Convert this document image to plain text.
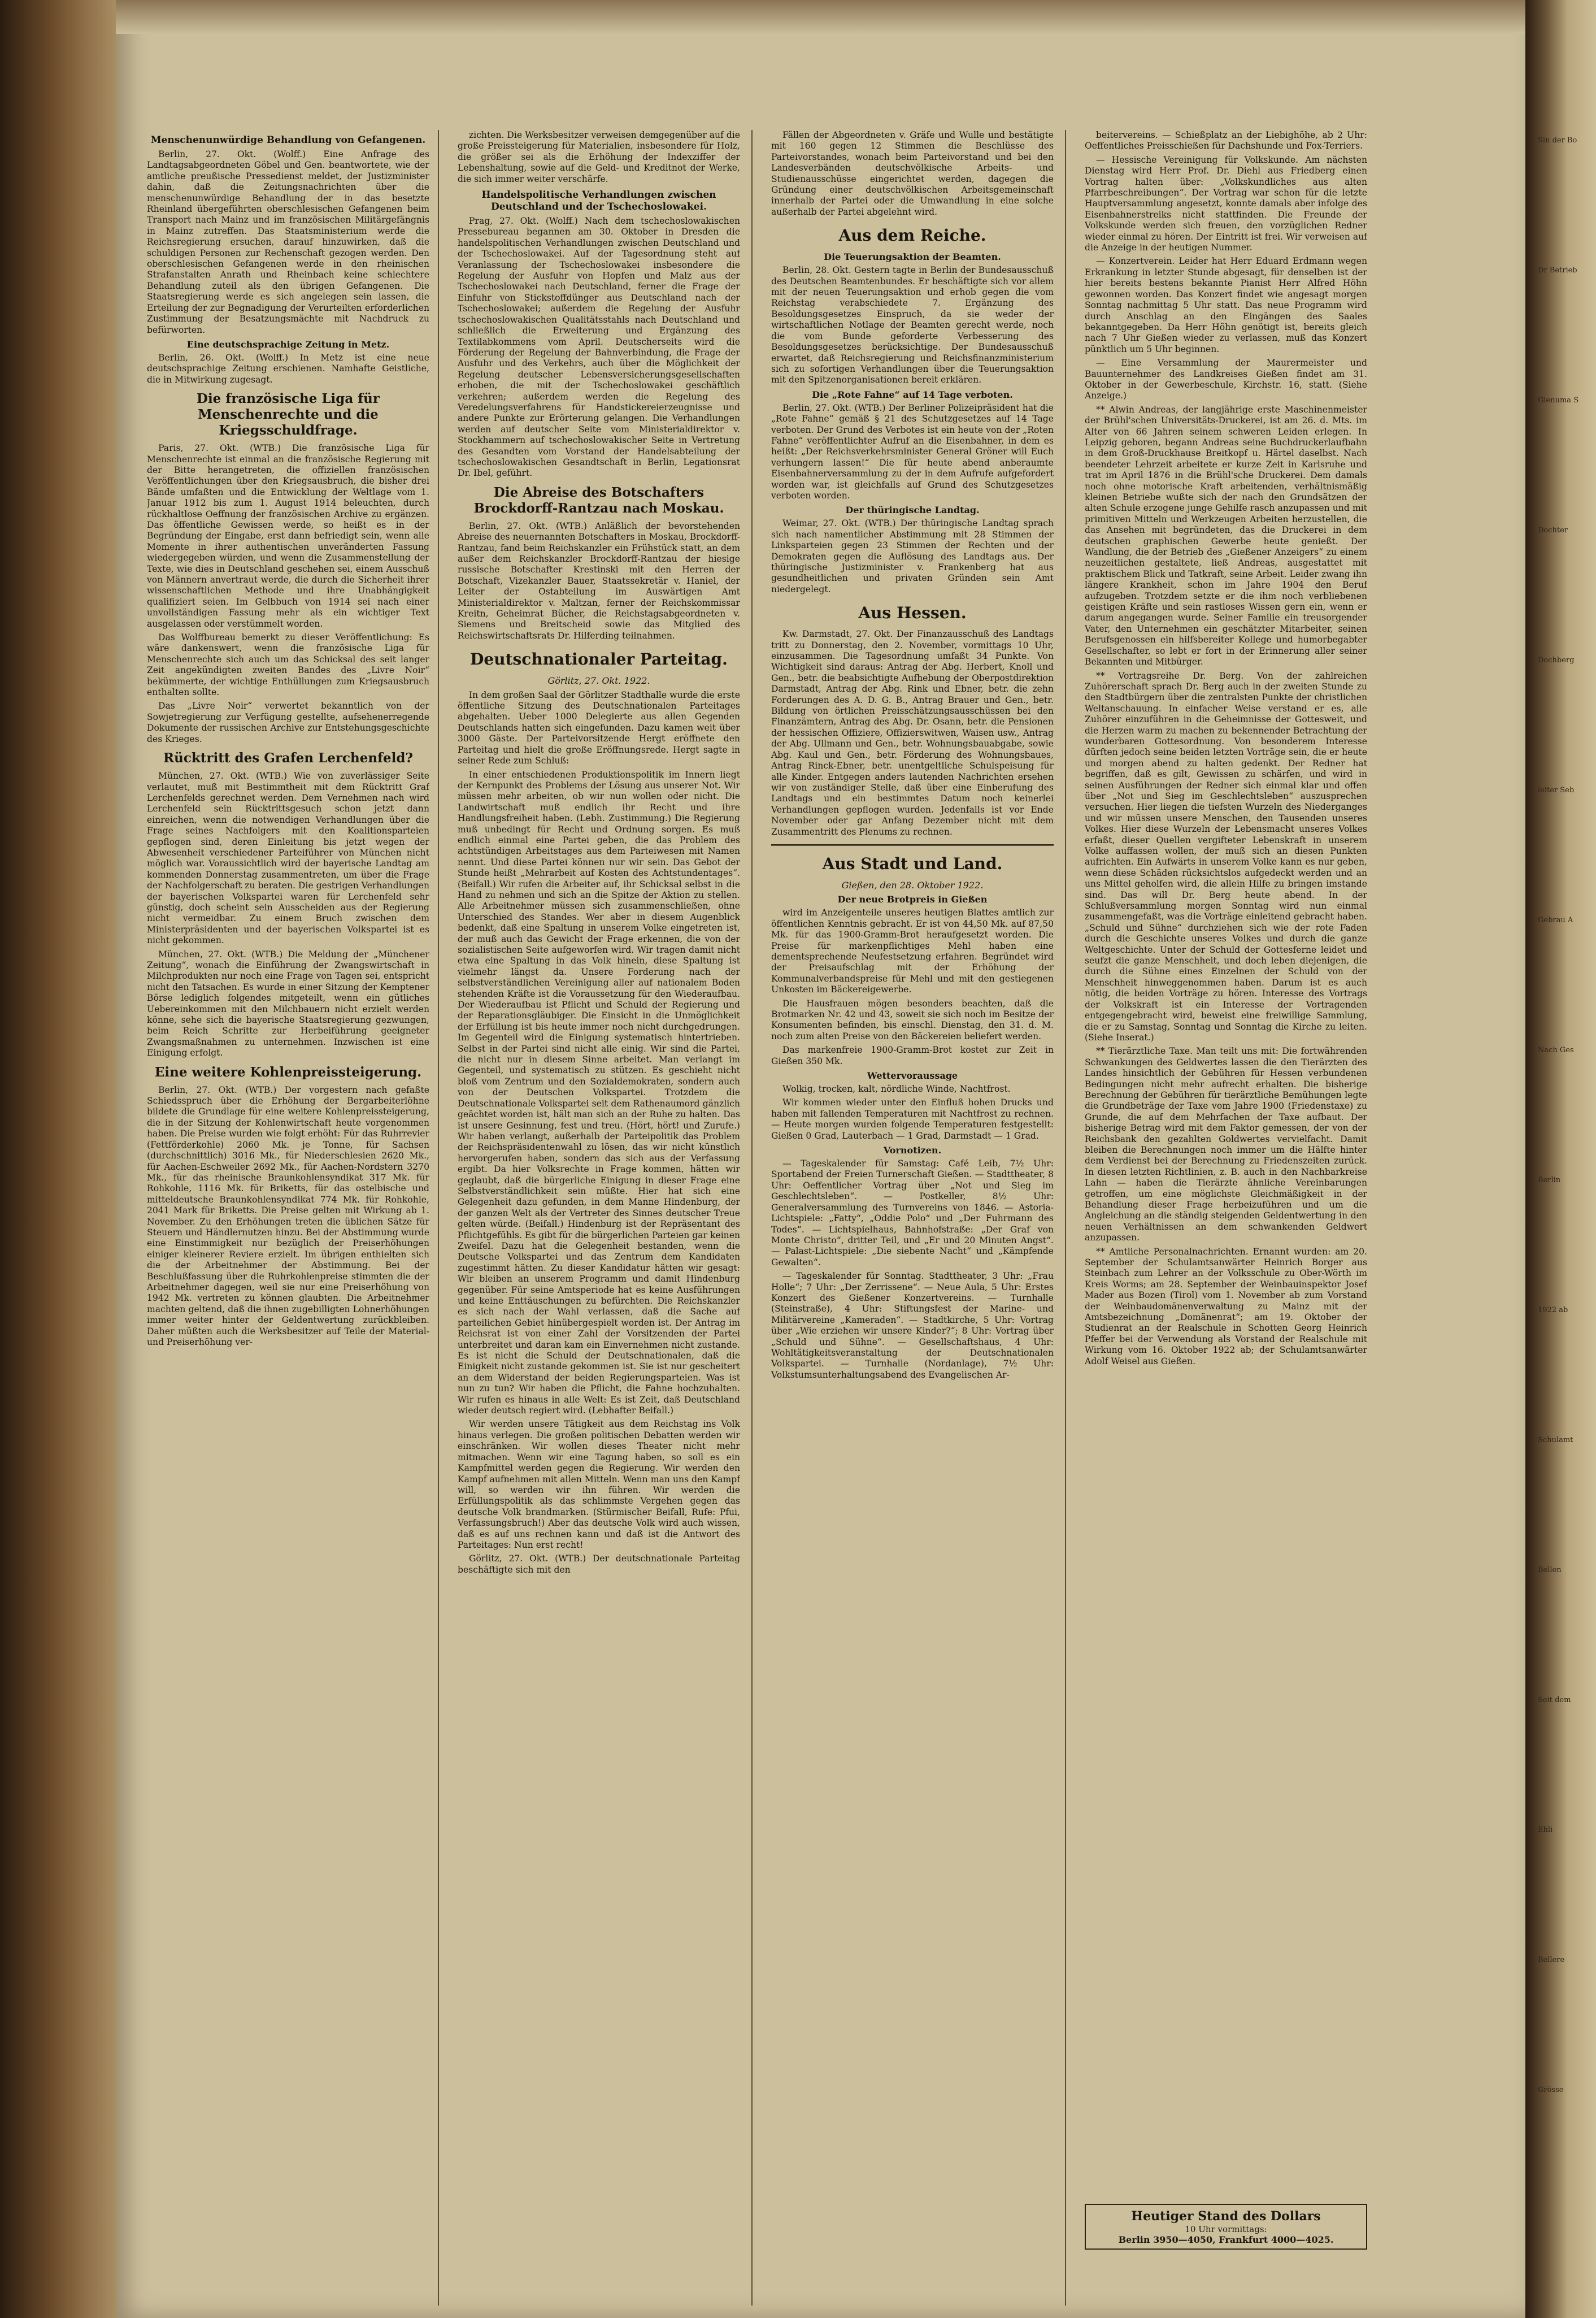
Menschenunwürdige Behandlung von Gefangenen.

Berlin, 27. Okt. (Wolff.) Eine Anfrage des Landtagsabgeordneten Göbel und Gen. beantwortete, wie der amtliche preußische Pressedienst meldet, der Justizminister dahin, daß die Zeitungsnachrichten über die menschenunwürdige Behandlung der in das besetzte Rheinland übergeführten oberschlesischen Gefangenen beim Transport nach Mainz und im französischen Militärgefängnis in Mainz zutreffen. Das Staatsministerium werde die Reichsregierung ersuchen, darauf hinzuwirken, daß die schuldigen Personen zur Rechenschaft gezogen werden. Den oberschlesischen Gefangenen werde in den rheinischen Strafanstalten Anrath und Rheinbach keine schlechtere Behandlung zuteil als den übrigen Gefangenen. Die Staatsregierung werde es sich angelegen sein lassen, die Erteilung der zur Begnadigung der Verurteilten erforderlichen Zustimmung der Besatzungsmächte mit Nachdruck zu befürworten.

Eine deutschsprachige Zeitung in Metz.

Berlin, 26. Okt. (Wolff.) In Metz ist eine neue deutschsprachige Zeitung erschienen. Namhafte Geistliche, die in Mitwirkung zugesagt.

Die französische Liga für Menschenrechte und die Kriegsschuldfrage.

Paris, 27. Okt. (WTB.) Die französische Liga für Menschenrechte ist einmal an die französische Regierung mit der Bitte herangetreten, die offiziellen französischen Veröffentlichungen über den Kriegsausbruch, die bisher drei Bände umfaßten und die Entwicklung der Weltlage vom 1. Januar 1912 bis zum 1. August 1914 beleuchten, durch rückhaltlose Oeffnung der französischen Archive zu ergänzen. Das öffentliche Gewissen werde, so heißt es in der Begründung der Eingabe, erst dann befriedigt sein, wenn alle Momente in ihrer authentischen unveränderten Fassung wiedergegeben würden, und wenn die Zusammenstellung der Texte, wie dies in Deutschland geschehen sei, einem Ausschuß von Männern anvertraut werde, die durch die Sicherheit ihrer wissenschaftlichen Methode und ihre Unabhängigkeit qualifiziert seien. Im Gelbbuch von 1914 sei nach einer unvollständigen Fassung mehr als ein wichtiger Text ausgelassen oder verstümmelt worden.

Das Wolffbureau bemerkt zu dieser Veröffentlichung: Es wäre dankenswert, wenn die französische Liga für Menschenrechte sich auch um das Schicksal des seit langer Zeit angekündigten zweiten Bandes des „Livre Noir“ bekümmerte, der wichtige Enthüllungen zum Kriegsausbruch enthalten sollte.

Das „Livre Noir“ verwertet bekanntlich von der Sowjetregierung zur Verfügung gestellte, aufsehenerregende Dokumente der russischen Archive zur Entstehungsgeschichte des Krieges.

Rücktritt des Grafen Lerchenfeld?

München, 27. Okt. (WTB.) Wie von zuverlässiger Seite verlautet, muß mit Bestimmtheit mit dem Rücktritt Graf Lerchenfelds gerechnet werden. Dem Vernehmen nach wird Lerchenfeld sein Rücktrittsgesuch schon jetzt dann einreichen, wenn die notwendigen Verhandlungen über die Frage seines Nachfolgers mit den Koalitionsparteien gepflogen sind, deren Einleitung bis jetzt wegen der Abwesenheit verschiedener Parteiführer von München nicht möglich war. Voraussichtlich wird der bayerische Landtag am kommenden Donnerstag zusammentreten, um über die Frage der Nachfolgerschaft zu beraten. Die gestrigen Verhandlungen der bayerischen Volkspartei waren für Lerchenfeld sehr günstig, doch scheint sein Ausscheiden aus der Regierung nicht vermeidbar. Zu einem Bruch zwischen dem Ministerpräsidenten und der bayerischen Volkspartei ist es nicht gekommen.

München, 27. Okt. (WTB.) Die Meldung der „Münchener Zeitung“, wonach die Einführung der Zwangswirtschaft in Milchprodukten nur noch eine Frage von Tagen sei, entspricht nicht den Tatsachen. Es wurde in einer Sitzung der Kemptener Börse lediglich folgendes mitgeteilt, wenn ein gütliches Uebereinkommen mit den Milchbauern nicht erzielt werden könne, sehe sich die bayerische Staatsregierung gezwungen, beim Reich Schritte zur Herbeiführung geeigneter Zwangsmaßnahmen zu unternehmen. Inzwischen ist eine Einigung erfolgt.

Eine weitere Kohlenpreissteigerung.

Berlin, 27. Okt. (WTB.) Der vorgestern nach gefaßte Schiedsspruch über die Erhöhung der Bergarbeiterlöhne bildete die Grundlage für eine weitere Kohlenpreissteigerung, die in der Sitzung der Kohlenwirtschaft heute vorgenommen haben. Die Preise wurden wie folgt erhöht: Für das Ruhrrevier (Fettförderkohle) 2060 Mk. je Tonne, für Sachsen (durchschnittlich) 3016 Mk., für Niederschlesien 2620 Mk., für Aachen-Eschweiler 2692 Mk., für Aachen-Nordstern 3270 Mk., für das rheinische Braunkohlensyndikat 317 Mk. für Rohkohle, 1116 Mk. für Briketts, für das ostelbische und mitteldeutsche Braunkohlensyndikat 774 Mk. für Rohkohle, 2041 Mark für Briketts. Die Preise gelten mit Wirkung ab 1. November. Zu den Erhöhungen treten die üblichen Sätze für Steuern und Händlernutzen hinzu. Bei der Abstimmung wurde eine Einstimmigkeit nur bezüglich der Preiserhöhungen einiger kleinerer Reviere erzielt. Im übrigen enthielten sich die der Arbeitnehmer der Abstimmung. Bei der Beschlußfassung über die Ruhrkohlenpreise stimmten die der Arbeitnehmer dagegen, weil sie nur eine Preiserhöhung von 1942 Mk. vertreten zu können glaubten. Die Arbeitnehmer machten geltend, daß die ihnen zugebilligten Lohnerhöhungen immer weiter hinter der Geldentwertung zurückbleiben. Daher müßten auch die Werksbesitzer auf Teile der Material- und Preiserhöhung ver-

zichten. Die Werksbesitzer verweisen demgegenüber auf die große Preissteigerung für Materialien, insbesondere für Holz, die größer sei als die Erhöhung der Indexziffer der Lebenshaltung, sowie auf die Geld- und Kreditnot der Werke, die sich immer weiter verschärfe.

Handelspolitische Verhandlungen zwischen Deutschland und der Tschechoslowakei.

Prag, 27. Okt. (Wolff.) Nach dem tschechoslowakischen Pressebureau begannen am 30. Oktober in Dresden die handelspolitischen Verhandlungen zwischen Deutschland und der Tschechoslowakei. Auf der Tagesordnung steht auf Veranlassung der Tschechoslowakei insbesondere die Regelung der Ausfuhr von Hopfen und Malz aus der Tschechoslowakei nach Deutschland, ferner die Frage der Einfuhr von Stickstoffdünger aus Deutschland nach der Tschechoslowakei; außerdem die Regelung der Ausfuhr tschechoslowakischen Qualitätsstahls nach Deutschland und schließlich die Erweiterung und Ergänzung des Textilabkommens vom April. Deutscherseits wird die Förderung der Regelung der Bahnverbindung, die Frage der Ausfuhr und des Verkehrs, auch über die Möglichkeit der Regelung deutscher Lebensversicherungsgesellschaften erhoben, die mit der Tschechoslowakei geschäftlich verkehren; außerdem werden die Regelung des Veredelungsverfahrens für Handstickereierzeugnisse und andere Punkte zur Erörterung gelangen. Die Verhandlungen werden auf deutscher Seite vom Ministerialdirektor v. Stockhammern auf tschechoslowakischer Seite in Vertretung des Gesandten vom Vorstand der Handelsabteilung der tschechoslowakischen Gesandtschaft in Berlin, Legationsrat Dr. Ibel, geführt.

Die Abreise des Botschafters Brockdorff-Rantzau nach Moskau.

Berlin, 27. Okt. (WTB.) Anläßlich der bevorstehenden Abreise des neuernannten Botschafters in Moskau, Brockdorff-Rantzau, fand beim Reichskanzler ein Frühstück statt, an dem außer dem Reichskanzler Brockdorff-Rantzau der hiesige russische Botschafter Krestinski mit den Herren der Botschaft, Vizekanzler Bauer, Staatssekretär v. Haniel, der Leiter der Ostabteilung im Auswärtigen Amt Ministerialdirektor v. Maltzan, ferner der Reichskommissar Kreitn, Geheimrat Bücher, die Reichstagsabgeordneten v. Siemens und Breitscheid sowie das Mitglied des Reichswirtschaftsrats Dr. Hilferding teilnahmen.

Deutschnationaler Parteitag.
Görlitz, 27. Okt. 1922.

In dem großen Saal der Görlitzer Stadthalle wurde die erste öffentliche Sitzung des Deutschnationalen Parteitages abgehalten. Ueber 1000 Delegierte aus allen Gegenden Deutschlands hatten sich eingefunden. Dazu kamen weit über 3000 Gäste. Der Parteivorsitzende Hergt eröffnete den Parteitag und hielt die große Eröffnungsrede. Hergt sagte in seiner Rede zum Schluß:

In einer entschiedenen Produktionspolitik im Innern liegt der Kernpunkt des Problems der Lösung aus unserer Not. Wir müssen mehr arbeiten, ob wir nun wollen oder nicht. Die Landwirtschaft muß endlich ihr Recht und ihre Handlungsfreiheit haben. (Lebh. Zustimmung.) Die Regierung muß unbedingt für Recht und Ordnung sorgen. Es muß endlich einmal eine Partei geben, die das Problem des achtstündigen Arbeitstages aus dem Parteiwesen mit Namen nennt. Und diese Partei können nur wir sein. Das Gebot der Stunde heißt „Mehrarbeit auf Kosten des Achtstundentages“. (Beifall.) Wir rufen die Arbeiter auf, ihr Schicksal selbst in die Hand zu nehmen und sich an die Spitze der Aktion zu stellen. Alle Arbeitnehmer müssen sich zusammenschließen, ohne Unterschied des Standes. Wer aber in diesem Augenblick bedenkt, daß eine Spaltung in unserem Volke eingetreten ist, der muß auch das Gewicht der Frage erkennen, die von der sozialistischen Seite aufgeworfen wird. Wir tragen damit nicht etwa eine Spaltung in das Volk hinein, diese Spaltung ist vielmehr längst da. Unsere Forderung nach der selbstverständlichen Vereinigung aller auf nationalem Boden stehenden Kräfte ist die Voraussetzung für den Wiederaufbau. Der Wiederaufbau ist Pflicht und Schuld der Regierung und der Reparationsgläubiger. Die Einsicht in die Unmöglichkeit der Erfüllung ist bis heute immer noch nicht durchgedrungen. Im Gegenteil wird die Einigung systematisch hintertrieben. Selbst in der Partei sind nicht alle einig. Wir sind die Partei, die nicht nur in diesem Sinne arbeitet. Man verlangt im Gegenteil, und systematisch zu stützen. Es geschieht nicht bloß vom Zentrum und den Sozialdemokraten, sondern auch von der Deutschen Volkspartei. Trotzdem die Deutschnationale Volkspartei seit dem Rathenaumord gänzlich geächtet worden ist, hält man sich an der Ruhe zu halten. Das ist unsere Gesinnung, fest und treu. (Hört, hört! und Zurufe.) Wir haben verlangt, außerhalb der Parteipolitik das Problem der Reichspräsidentenwahl zu lösen, das wir nicht künstlich hervorgerufen haben, sondern das sich aus der Verfassung ergibt. Da hier Volksrechte in Frage kommen, hätten wir geglaubt, daß die bürgerliche Einigung in dieser Frage eine Selbstverständlichkeit sein müßte. Hier hat sich eine Gelegenheit dazu gefunden, in dem Manne Hindenburg, der der ganzen Welt als der Vertreter des Sinnes deutscher Treue gelten würde. (Beifall.) Hindenburg ist der Repräsentant des Pflichtgefühls. Es gibt für die bürgerlichen Parteien gar keinen Zweifel. Dazu hat die Gelegenheit bestanden, wenn die Deutsche Volkspartei und das Zentrum dem Kandidaten zugestimmt hätten. Zu dieser Kandidatur hätten wir gesagt: Wir bleiben an unserem Programm und damit Hindenburg gegenüber. Für seine Amtsperiode hat es keine Ausführungen und keine Enttäuschungen zu befürchten. Die Reichskanzler es sich nach der Wahl verlassen, daß die Sache auf parteilichen Gebiet hinübergespielt worden ist. Der Antrag im Reichsrat ist von einer Zahl der Vorsitzenden der Partei unterbreitet und daran kam ein Einvernehmen nicht zustande. Es ist nicht die Schuld der Deutschnationalen, daß die Einigkeit nicht zustande gekommen ist. Sie ist nur gescheitert an dem Widerstand der beiden Regierungsparteien. Was ist nun zu tun? Wir haben die Pflicht, die Fahne hochzuhalten. Wir rufen es hinaus in alle Welt: Es ist Zeit, daß Deutschland wieder deutsch regiert wird. (Lebhafter Beifall.)

Wir werden unsere Tätigkeit aus dem Reichstag ins Volk hinaus verlegen. Die großen politischen Debatten werden wir einschränken. Wir wollen dieses Theater nicht mehr mitmachen. Wenn wir eine Tagung haben, so soll es ein Kampfmittel werden gegen die Regierung. Wir werden den Kampf aufnehmen mit allen Mitteln. Wenn man uns den Kampf will, so werden wir ihn führen. Wir werden die Erfüllungspolitik als das schlimmste Vergehen gegen das deutsche Volk brandmarken. (Stürmischer Beifall, Rufe: Pfui, Verfassungsbruch!) Aber das deutsche Volk wird auch wissen, daß es auf uns rechnen kann und daß ist die Antwort des Parteitages: Nun erst recht!

Görlitz, 27. Okt. (WTB.) Der deutschnationale Parteitag beschäftigte sich mit den

Fällen der Abgeordneten v. Gräfe und Wulle und bestätigte mit 160 gegen 12 Stimmen die Beschlüsse des Parteivorstandes, wonach beim Parteivorstand und bei den Landesverbänden deutschvölkische Arbeits- und Studienausschüsse eingerichtet werden, dagegen die Gründung einer deutschvölkischen Arbeitsgemeinschaft innerhalb der Partei oder die Umwandlung in eine solche außerhalb der Partei abgelehnt wird.

Aus dem Reiche.
Die Teuerungsaktion der Beamten.

Berlin, 28. Okt. Gestern tagte in Berlin der Bundesausschuß des Deutschen Beamtenbundes. Er beschäftigte sich vor allem mit der neuen Teuerungsaktion und erhob gegen die vom Reichstag verabschiedete 7. Ergänzung des Besoldungsgesetzes Einspruch, da sie weder der wirtschaftlichen Notlage der Beamten gerecht werde, noch die vom Bunde geforderte Verbesserung des Besoldungsgesetzes berücksichtige. Der Bundesausschuß erwartet, daß Reichsregierung und Reichsfinanzministerium sich zu sofortigen Verhandlungen über die Teuerungsaktion mit den Spitzenorganisationen bereit erklären.

Die „Rote Fahne“ auf 14 Tage verboten.

Berlin, 27. Okt. (WTB.) Der Berliner Polizeipräsident hat die „Rote Fahne“ gemäß § 21 des Schutzgesetzes auf 14 Tage verboten. Der Grund des Verbotes ist ein heute von der „Roten Fahne“ veröffentlichter Aufruf an die Eisenbahner, in dem es heißt: „Der Reichsverkehrsminister General Gröner will Euch verhungern lassen!“ Die für heute abend anberaumte Eisenbahnerversammlung zu der in dem Aufrufe aufgefordert worden war, ist gleichfalls auf Grund des Schutzgesetzes verboten worden.

Der thüringische Landtag.

Weimar, 27. Okt. (WTB.) Der thüringische Landtag sprach sich nach namentlicher Abstimmung mit 28 Stimmen der Linksparteien gegen 23 Stimmen der Rechten und der Demokraten gegen die Auflösung des Landtags aus. Der thüringische Justizminister v. Frankenberg hat aus gesundheitlichen und privaten Gründen sein Amt niedergelegt.

Aus Hessen.

Kw. Darmstadt, 27. Okt. Der Finanzausschuß des Landtags tritt zu Donnerstag, den 2. November, vormittags 10 Uhr, einzusammen. Die Tagesordnung umfaßt 34 Punkte. Von Wichtigkeit sind daraus: Antrag der Abg. Herbert, Knoll und Gen., betr. die beabsichtigte Aufhebung der Oberpostdirektion Darmstadt, Antrag der Abg. Rink und Ebner, betr. die zehn Forderungen des A. D. G. B., Antrag Brauer und Gen., betr. Bildung von örtlichen Preisschätzungsausschüssen bei den Finanzämtern, Antrag des Abg. Dr. Osann, betr. die Pensionen der hessischen Offiziere, Offizierswitwen, Waisen usw., Antrag der Abg. Ullmann und Gen., betr. Wohnungsbauabgabe, sowie Abg. Kaul und Gen., betr. Förderung des Wohnungsbaues, Antrag Rinck-Ebner, betr. unentgeltliche Schulspeisung für alle Kinder. Entgegen anders lautenden Nachrichten ersehen wir von zuständiger Stelle, daß über eine Einberufung des Landtags und ein bestimmtes Datum noch keinerlei Verhandlungen gepflogen wurden. Jedenfalls ist vor Ende November oder gar Anfang Dezember nicht mit dem Zusammentritt des Plenums zu rechnen.

Aus Stadt und Land.
Gießen, den 28. Oktober 1922.
Der neue Brotpreis in Gießen

wird im Anzeigenteile unseres heutigen Blattes amtlich zur öffentlichen Kenntnis gebracht. Er ist von 44,50 Mk. auf 87,50 Mk. für das 1900-Gramm-Brot heraufgesetzt worden. Die Preise für markenpflichtiges Mehl haben eine dementsprechende Neufestsetzung erfahren. Begründet wird der Preisaufschlag mit der Erhöhung der Kommunalverbandspreise für Mehl und mit den gestiegenen Unkosten im Bäckereigewerbe.

Die Hausfrauen mögen besonders beachten, daß die Brotmarken Nr. 42 und 43, soweit sie sich noch im Besitze der Konsumenten befinden, bis einschl. Dienstag, den 31. d. M. noch zum alten Preise von den Bäckereien beliefert werden.

Das markenfreie 1900-Gramm-Brot kostet zur Zeit in Gießen 350 Mk.

Wettervoraussage

Wolkig, trocken, kalt, nördliche Winde, Nachtfrost.

Wir kommen wieder unter den Einfluß hohen Drucks und haben mit fallenden Temperaturen mit Nachtfrost zu rechnen. — Heute morgen wurden folgende Temperaturen festgestellt: Gießen 0 Grad, Lauterbach — 1 Grad, Darmstadt — 1 Grad.

Vornotizen.

— Tageskalender für Samstag: Café Leib, 7½ Uhr: Sportabend der Freien Turnerschaft Gießen. — Stadttheater, 8 Uhr: Oeffentlicher Vortrag über „Not und Sieg im Geschlechtsleben“. — Postkeller, 8½ Uhr: Generalversammlung des Turnvereins von 1846. — Astoria-Lichtspiele: „Fatty“, „Oddie Polo“ und „Der Fuhrmann des Todes“. — Lichtspielhaus, Bahnhofstraße: „Der Graf von Monte Christo“, dritter Teil, und „Er und 20 Minuten Angst“. — Palast-Lichtspiele: „Die siebente Nacht“ und „Kämpfende Gewalten“.

— Tageskalender für Sonntag. Stadttheater, 3 Uhr: „Frau Holle“; 7 Uhr: „Der Zerrissene“. — Neue Aula, 5 Uhr: Erstes Konzert des Gießener Konzertvereins. — Turnhalle (Steinstraße), 4 Uhr: Stiftungsfest der Marine- und Militärvereine „Kameraden“. — Stadtkirche, 5 Uhr: Vortrag über „Wie erziehen wir unsere Kinder?“; 8 Uhr: Vortrag über „Schuld und Sühne“. — Gesellschaftshaus, 4 Uhr: Wohltätigkeitsveranstaltung der Deutschnationalen Volkspartei. — Turnhalle (Nordanlage), 7½ Uhr: Volkstumsunterhaltungsabend des Evangelischen Ar-

beitervereins. — Schießplatz an der Liebighöhe, ab 2 Uhr: Oeffentliches Preisschießen für Dachshunde und Fox-Terriers.

— Hessische Vereinigung für Volkskunde. Am nächsten Dienstag wird Herr Prof. Dr. Diehl aus Friedberg einen Vortrag halten über: „Volkskundliches aus alten Pfarrbeschreibungen“. Der Vortrag war schon für die letzte Hauptversammlung angesetzt, konnte damals aber infolge des Eisenbahnerstreiks nicht stattfinden. Die Freunde der Volkskunde werden sich freuen, den vorzüglichen Redner wieder einmal zu hören. Der Eintritt ist frei. Wir verweisen auf die Anzeige in der heutigen Nummer.

— Konzertverein. Leider hat Herr Eduard Erdmann wegen Erkrankung in letzter Stunde abgesagt, für denselben ist der hier bereits bestens bekannte Pianist Herr Alfred Höhn gewonnen worden. Das Konzert findet wie angesagt morgen Sonntag nachmittag 5 Uhr statt. Das neue Programm wird durch Anschlag an den Eingängen des Saales bekanntgegeben. Da Herr Höhn genötigt ist, bereits gleich nach 7 Uhr Gießen wieder zu verlassen, muß das Konzert pünktlich um 5 Uhr beginnen.

— Eine Versammlung der Maurermeister und Bauunternehmer des Landkreises Gießen findet am 31. Oktober in der Gewerbeschule, Kirchstr. 16, statt. (Siehe Anzeige.)

** Alwin Andreas, der langjährige erste Maschinenmeister der Brühl'schen Universitäts-Druckerei, ist am 26. d. Mts. im Alter von 66 Jahren seinem schweren Leiden erlegen. In Leipzig geboren, begann Andreas seine Buchdruckerlaufbahn in dem Groß-Druckhause Breitkopf u. Härtel daselbst. Nach beendeter Lehrzeit arbeitete er kurze Zeit in Karlsruhe und trat im April 1876 in die Brühl'sche Druckerei. Dem damals noch ohne motorische Kraft arbeitenden, verhältnismäßig kleinen Betriebe wußte sich der nach den Grundsätzen der alten Schule erzogene junge Gehilfe rasch anzupassen und mit primitiven Mitteln und Werkzeugen Arbeiten herzustellen, die das Ansehen mit begründeten, das die Druckerei in dem deutschen graphischen Gewerbe heute genießt. Der Wandlung, die der Betrieb des „Gießener Anzeigers“ zu einem neuzeitlichen gestaltete, ließ Andreas, ausgestattet mit praktischem Blick und Tatkraft, seine Arbeit. Leider zwang ihn längere Krankheit, schon im Jahre 1904 den Beruf aufzugeben. Trotzdem setzte er die ihm noch verbliebenen geistigen Kräfte und sein rastloses Wissen gern ein, wenn er darum angegangen wurde. Seiner Familie ein treusorgender Vater, den Unternehmen ein geschätzter Mitarbeiter, seinen Berufsgenossen ein hilfsbereiter Kollege und humorbegabter Gesellschafter, so lebt er fort in der Erinnerung aller seiner Bekannten und Mitbürger.

** Vortragsreihe Dr. Berg. Von der zahlreichen Zuhörerschaft sprach Dr. Berg auch in der zweiten Stunde zu den Stadtbürgern über die zentralsten Punkte der christlichen Weltanschauung. In einfacher Weise verstand er es, alle Zuhörer einzuführen in die Geheimnisse der Gottesweit, und die Herzen warm zu machen zu bekennender Betrachtung der wunderbaren Gottesordnung. Von besonderem Interesse dürften jedoch seine beiden letzten Vorträge sein, die er heute und morgen abend zu halten gedenkt. Der Redner hat begriffen, daß es gilt, Gewissen zu schärfen, und wird in seinen Ausführungen der Redner sich einmal klar und offen über „Not und Sieg im Geschlechtsleben“ auszusprechen versuchen. Hier liegen die tiefsten Wurzeln des Niederganges und wir müssen unsere Menschen, den Tausenden unseres Volkes. Hier diese Wurzeln der Lebensmacht unseres Volkes erfaßt, dieser Quellen vergifteter Lebenskraft in unserem Volke auffassen wollen, der muß sich an diesen Punkten aufrichten. Ein Aufwärts in unserem Volke kann es nur geben, wenn diese Schäden rücksichtslos aufgedeckt werden und an uns Mittel geholfen wird, die allein Hilfe zu bringen imstande sind. Das will Dr. Berg heute abend. In der Schlußversammlung morgen Sonntag wird nun einmal zusammengefaßt, was die Vorträge einleitend gebracht haben. „Schuld und Sühne“ durchziehen sich wie der rote Faden durch die Geschichte unseres Volkes und durch die ganze Weltgeschichte. Unter der Schuld der Gottesferne leidet und seufzt die ganze Menschheit, und doch leben diejenigen, die durch die Sühne eines Einzelnen der Schuld von der Menschheit hinweggenommen haben. Darum ist es auch nötig, die beiden Vorträge zu hören. Interesse des Vortrags der Volkskraft ist ein Interesse der Vortragenden entgegengebracht wird, beweist eine freiwillige Sammlung, die er zu Samstag, Sonntag und Sonntag die Kirche zu leiten. (Siehe Inserat.)

** Tierärztliche Taxe. Man teilt uns mit: Die fortwährenden Schwankungen des Geldwertes lassen die den Tierärzten des Landes hinsichtlich der Gebühren für Hessen verbundenen Bedingungen nicht mehr aufrecht erhalten. Die bisherige Berechnung der Gebühren für tierärztliche Bemühungen legte die Grundbeträge der Taxe vom Jahre 1900 (Friedenstaxe) zu Grunde, die auf dem Mehrfachen der Taxe aufbaut. Der bisherige Betrag wird mit dem Faktor gemessen, der von der Reichsbank den gezahlten Goldwertes vervielfacht. Damit bleiben die Berechnungen noch immer um die Hälfte hinter dem Verdienst bei der Berechnung zu Friedenszeiten zurück. In diesen letzten Richtlinien, z. B. auch in den Nachbarkreise Lahn — haben die Tierärzte ähnliche Vereinbarungen getroffen, um eine möglichste Gleichmäßigkeit in der Behandlung dieser Frage herbeizuführen und um die Angleichung an die ständig steigenden Geldentwertung in den neuen Verhältnissen an dem schwankenden Geldwert anzupassen.

** Amtliche Personalnachrichten. Ernannt wurden: am 20. September der Schulamtsanwärter Heinrich Borger aus Steinbach zum Lehrer an der Volksschule zu Ober-Wörth im Kreis Worms; am 28. September der Weinbauinspektor Josef Mader aus Bozen (Tirol) vom 1. November ab zum Vorstand der Weinbaudomänenverwaltung zu Mainz mit der Amtsbezeichnung „Domänenrat“; am 19. Oktober der Studienrat an der Realschule in Schotten Georg Heinrich Pfeffer bei der Verwendung als Vorstand der Realschule mit Wirkung vom 16. Oktober 1922 ab; der Schulamtsanwärter Adolf Weisel aus Gießen.

Heutiger Stand des Dollars
10 Uhr vormittags:
Berlin 3950—4050, Frankfurt 4000—4025.
Sin der Bo
Dr Betrieb
Gienuma S
Dochter
Dochberg
leiter Seb
Gebrau A
Nach Ges
Berlin
1922 ab
Schulamt
Bellen
Seit dem
Ehli
Bellere
Grösse
